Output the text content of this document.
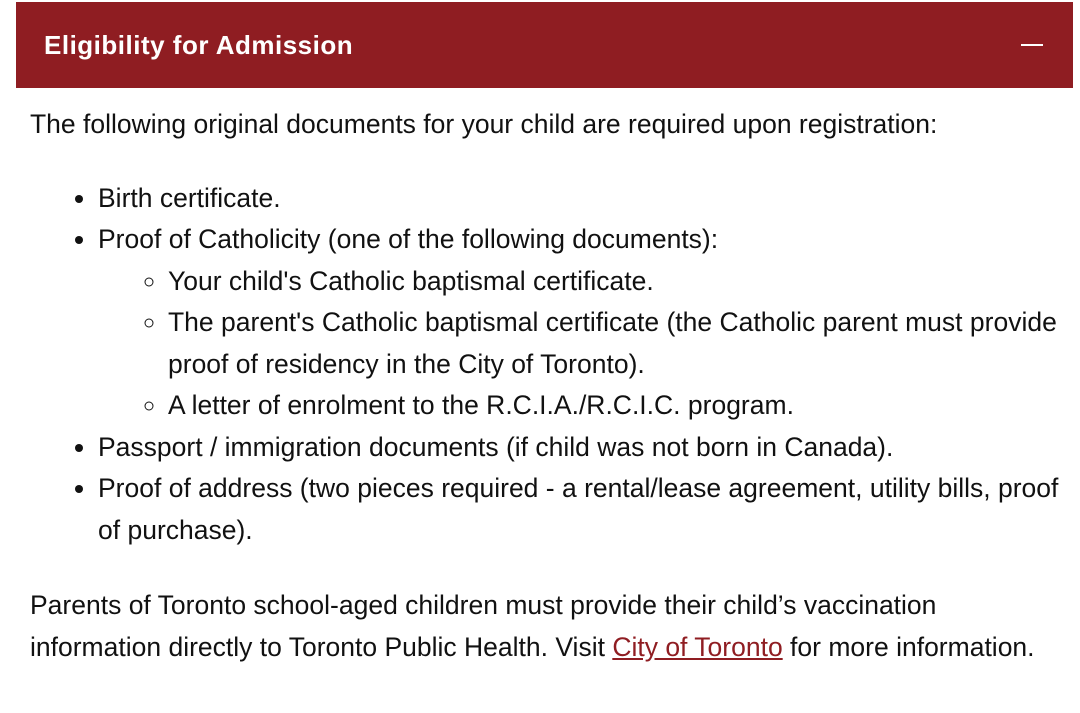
Eligibility for Admission

The following original documents for your child are required upon registration:

• Birth certificate.
• Proof of Catholicity (one of the following documents):
◦ Your child's Catholic baptismal certificate.
◦ The parent's Catholic baptismal certificate (the Catholic parent must provide proof of residency in the City of Toronto).
◦ A letter of enrolment to the R.C.I.A./R.C.I.C. program.
• Passport / immigration documents (if child was not born in Canada).
• Proof of address (two pieces required - a rental/lease agreement, utility bills, proof of purchase).

Parents of Toronto school-aged children must provide their child’s vaccination information directly to Toronto Public Health. Visit City of Toronto for more information.
